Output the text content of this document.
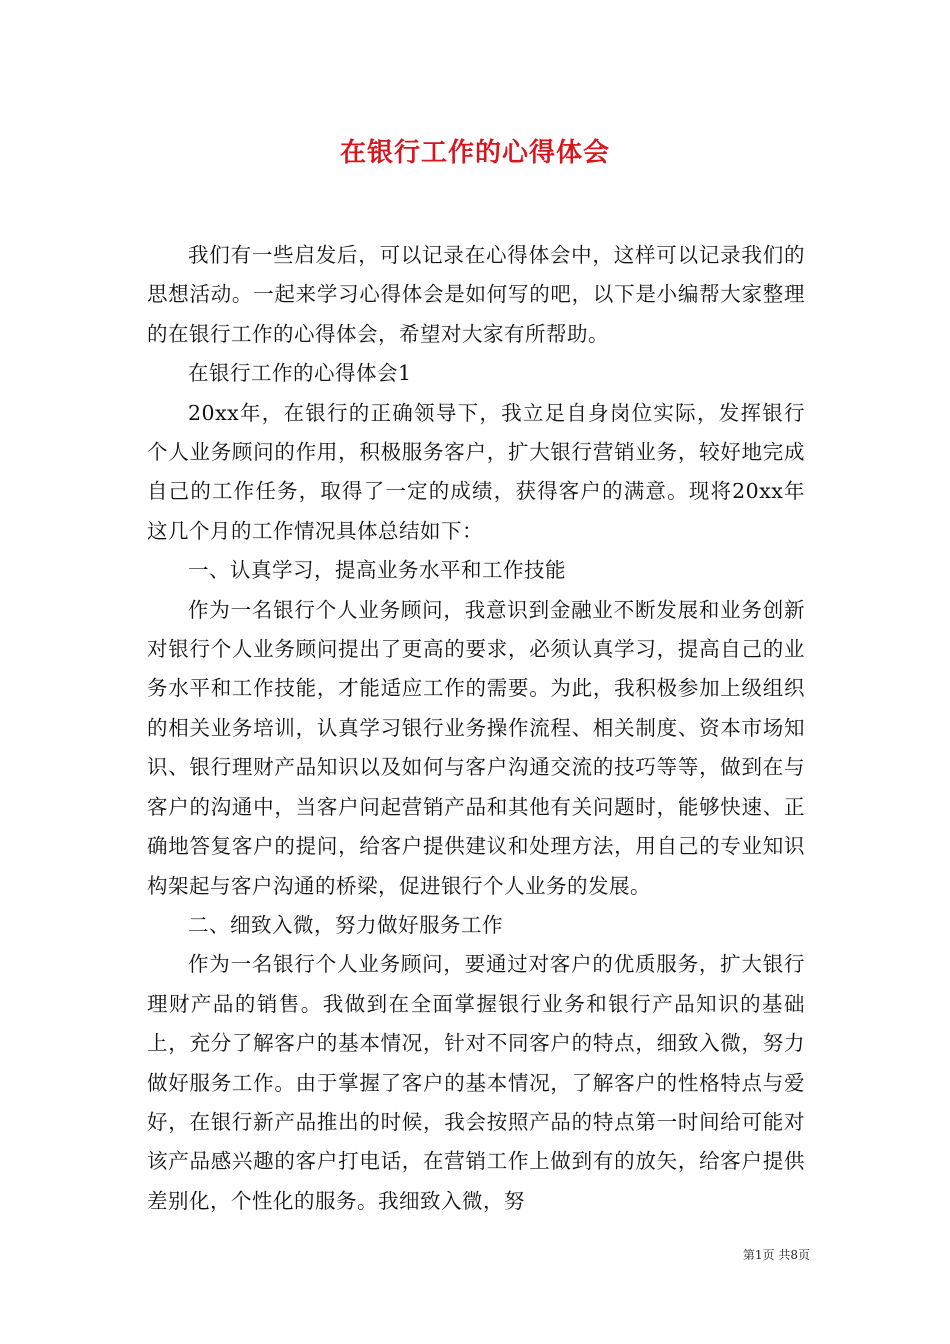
在银行工作的心得体会

我们有一些启发后，可以记录在心得体会中，这样可以记录我们的思想活动。一起来学习心得体会是如何写的吧，以下是小编帮大家整理的在银行工作的心得体会，希望对大家有所帮助。

在银行工作的心得体会1

20xx年，在银行的正确领导下，我立足自身岗位实际，发挥银行个人业务顾问的作用，积极服务客户，扩大银行营销业务，较好地完成自己的工作任务，取得了一定的成绩，获得客户的满意。现将20xx年这几个月的工作情况具体总结如下：

一、认真学习，提高业务水平和工作技能

作为一名银行个人业务顾问，我意识到金融业不断发展和业务创新对银行个人业务顾问提出了更高的要求，必须认真学习，提高自己的业务水平和工作技能，才能适应工作的需要。为此，我积极参加上级组织的相关业务培训，认真学习银行业务操作流程、相关制度、资本市场知识、银行理财产品知识以及如何与客户沟通交流的技巧等等，做到在与客户的沟通中，当客户问起营销产品和其他有关问题时，能够快速、正确地答复客户的提问，给客户提供建议和处理方法，用自己的专业知识构架起与客户沟通的桥梁，促进银行个人业务的发展。

二、细致入微，努力做好服务工作

作为一名银行个人业务顾问，要通过对客户的优质服务，扩大银行理财产品的销售。我做到在全面掌握银行业务和银行产品知识的基础上，充分了解客户的基本情况，针对不同客户的特点，细致入微，努力做好服务工作。由于掌握了客户的基本情况，了解客户的性格特点与爱好，在银行新产品推出的时候，我会按照产品的特点第一时间给可能对该产品感兴趣的客户打电话，在营销工作上做到有的放矢，给客户提供差别化，个性化的服务。我细致入微，努

第1页 共8页
